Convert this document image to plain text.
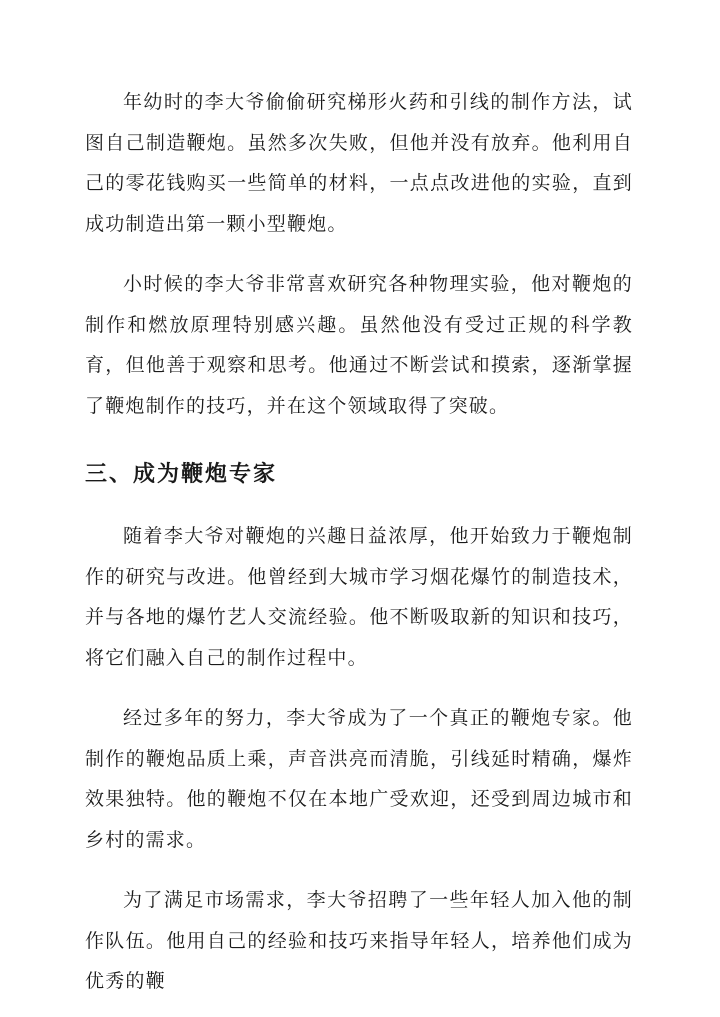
年幼时的李大爷偷偷研究梯形火药和引线的制作方法，试图自己制造鞭炮。虽然多次失败，但他并没有放弃。他利用自己的零花钱购买一些简单的材料，一点点改进他的实验，直到成功制造出第一颗小型鞭炮。

小时候的李大爷非常喜欢研究各种物理实验，他对鞭炮的制作和燃放原理特别感兴趣。虽然他没有受过正规的科学教育，但他善于观察和思考。他通过不断尝试和摸索，逐渐掌握了鞭炮制作的技巧，并在这个领域取得了突破。

三、成为鞭炮专家

随着李大爷对鞭炮的兴趣日益浓厚，他开始致力于鞭炮制作的研究与改进。他曾经到大城市学习烟花爆竹的制造技术，并与各地的爆竹艺人交流经验。他不断吸取新的知识和技巧，将它们融入自己的制作过程中。

经过多年的努力，李大爷成为了一个真正的鞭炮专家。他制作的鞭炮品质上乘，声音洪亮而清脆，引线延时精确，爆炸效果独特。他的鞭炮不仅在本地广受欢迎，还受到周边城市和乡村的需求。

为了满足市场需求，李大爷招聘了一些年轻人加入他的制作队伍。他用自己的经验和技巧来指导年轻人，培养他们成为优秀的鞭
